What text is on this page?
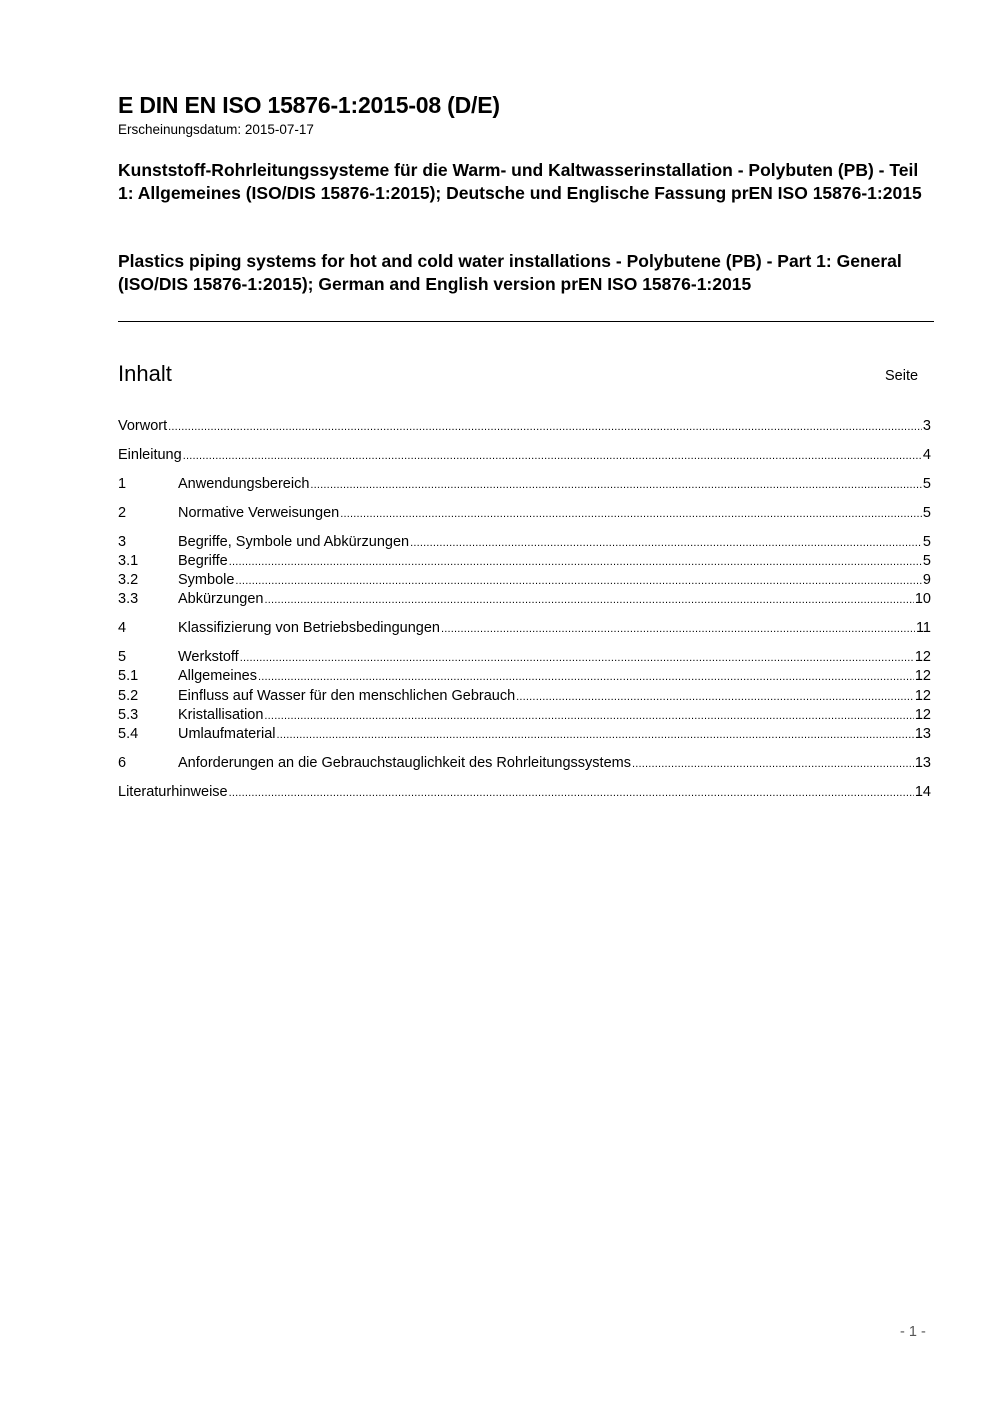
E DIN EN ISO 15876-1:2015-08 (D/E)
Erscheinungsdatum: 2015-07-17

Kunststoff-Rohrleitungssysteme für die Warm- und Kaltwasserinstallation - Polybuten (PB) - Teil 1: Allgemeines (ISO/DIS 15876-1:2015); Deutsche und Englische Fassung prEN ISO 15876-1:2015

Plastics piping systems for hot and cold water installations - Polybutene (PB) - Part 1: General (ISO/DIS 15876-1:2015); German and English version prEN ISO 15876-1:2015

Inhalt	Seite
Vorwort .....	3
Einleitung .....	4
1	Anwendungsbereich .....	5
2	Normative Verweisungen .....	5
3	Begriffe, Symbole und Abkürzungen .....	5
3.1	Begriffe .....	5
3.2	Symbole .....	9
3.3	Abkürzungen .....	10
4	Klassifizierung von Betriebsbedingungen .....	11
5	Werkstoff .....	12
5.1	Allgemeines .....	12
5.2	Einfluss auf Wasser für den menschlichen Gebrauch .....	12
5.3	Kristallisation .....	12
5.4	Umlaufmaterial .....	13
6	Anforderungen an die Gebrauchstauglichkeit des Rohrleitungssystems .....	13
Literaturhinweise .....	14
- 1 -
